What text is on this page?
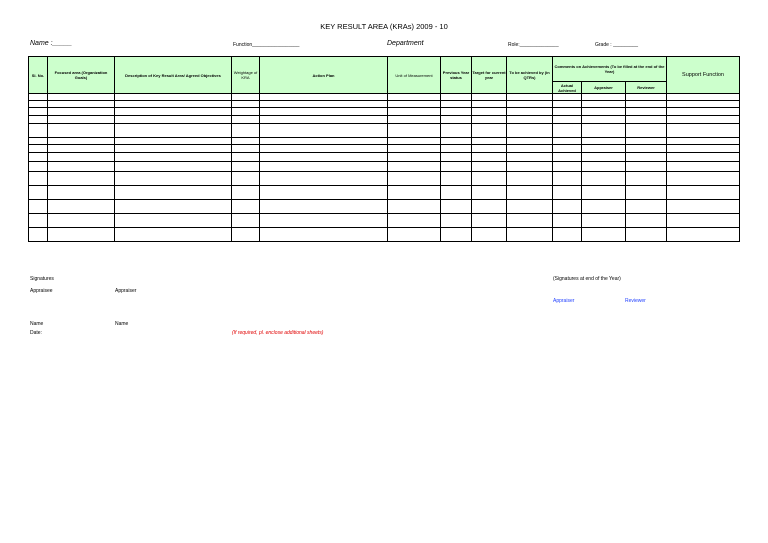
KEY RESULT AREA (KRAs) 2009 - 10
Name :_____	Function_________________	Department	Role:______________	Grade : _________
Sl. No.	Focused area (Organization Goals)	Description of Key Result Area/ Agreed Objectives	Weightage of KRA	Action Plan	Unit of Measurement	Previous Year status	Target for current year	To be achieved by (in QTRs)	Comments on Achievements (To be filled at the end of the Year)			Support Function
									Actual Achieved	Appraiser	Reviewer	

Signatures	(Signatures at end of the Year)
Appraisee	Appraiser
Appraiser	Reviewer
Name	Name
Date:	(If required, pl. enclose additional sheets)
